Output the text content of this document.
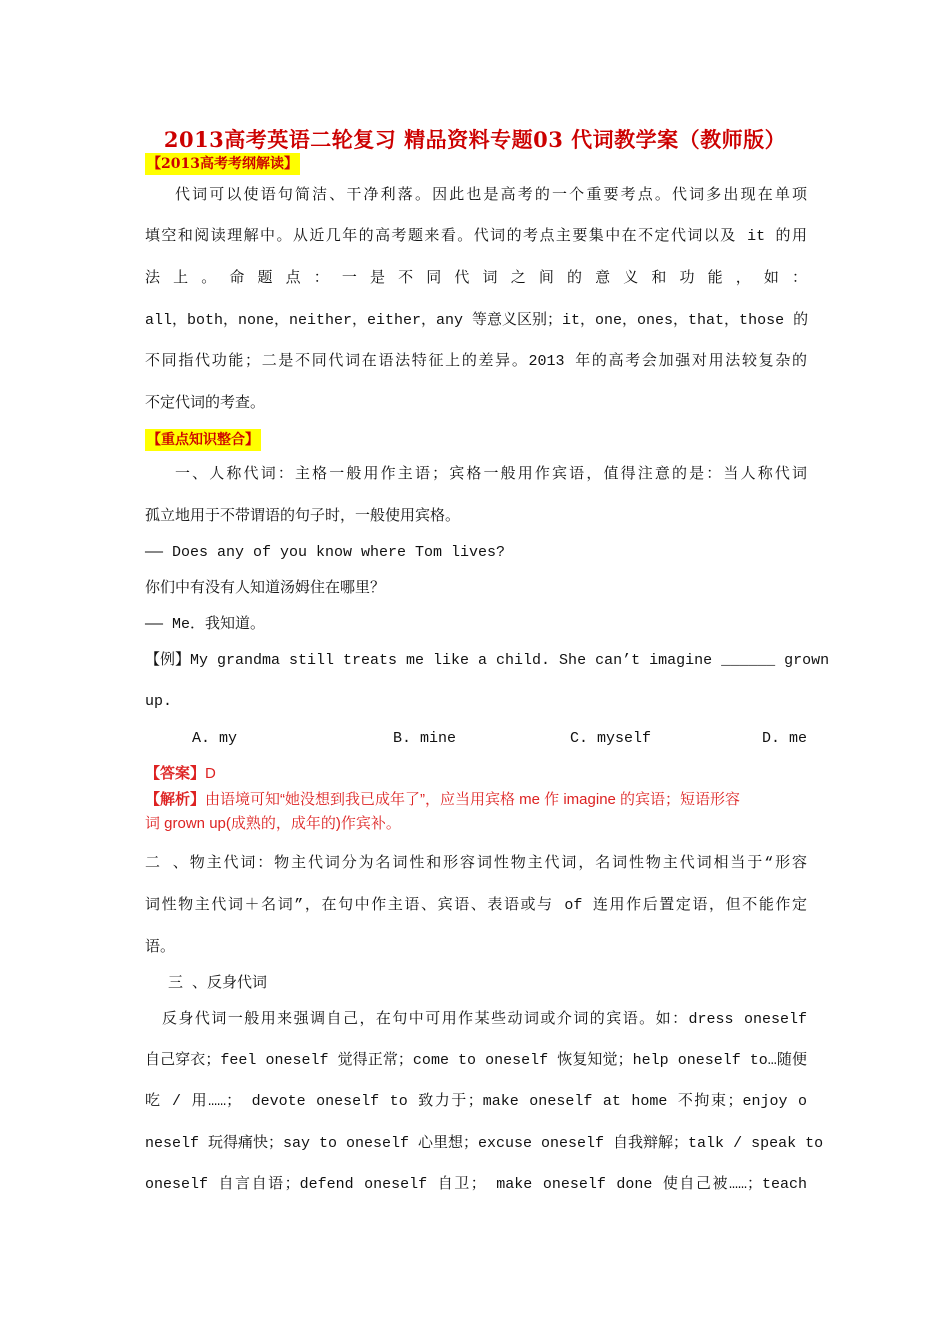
2013高考英语二轮复习 精品资料专题03 代词教学案（教师版）
【2013高考考纲解读】
代词可以使语句简洁、干净利落。因此也是高考的一个重要考点。代词多出现在单项
填空和阅读理解中。从近几年的高考题来看。代词的考点主要集中在不定代词以及 it 的用
法 上 。 命 题 点 ： 一 是 不 同 代 词 之 间 的 意 义 和 功 能 ， 如 ：
all，both，none，neither，either，any 等意义区别；it，one，ones，that，those 的
不同指代功能；二是不同代词在语法特征上的差异。2013 年的高考会加强对用法较复杂的
不定代词的考查。
【重点知识整合】
一、人称代词：主格一般用作主语；宾格一般用作宾语，值得注意的是：当人称代词
孤立地用于不带谓语的句子时，一般使用宾格。
—— Does any of you know where Tom lives?
你们中有没有人知道汤姆住在哪里？
—— Me．我知道。
【例】My grandma still treats me like a child. She can’t imagine ______ grown
up.
A. my	B. mine	C. myself	D. me
【答案】D
【解析】由语境可知“她没想到我已成年了”，应当用宾格 me 作 imagine 的宾语；短语形容
词 grown up(成熟的，成年的)作宾补。
二 、物主代词：物主代词分为名词性和形容词性物主代词，名词性物主代词相当于“形容
词性物主代词＋名词”，在句中作主语、宾语、表语或与 of 连用作后置定语，但不能作定
语。
三 、反身代词
反身代词一般用来强调自己，在句中可用作某些动词或介词的宾语。如：dress oneself
自己穿衣；feel oneself 觉得正常；come to oneself 恢复知觉；help oneself to…随便
吃 / 用……； devote oneself to 致力于；make oneself at home 不拘束；enjoy o
neself 玩得痛快；say to oneself 心里想；excuse oneself 自我辩解；talk / speak to
oneself 自言自语；defend oneself 自卫； make oneself done 使自己被……；teach
